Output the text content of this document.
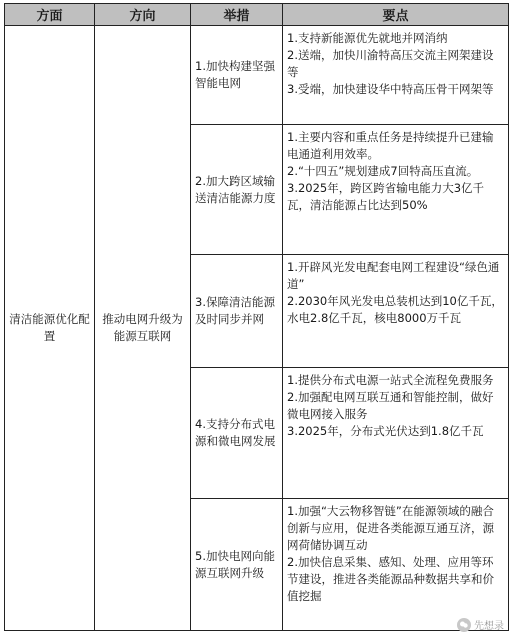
方面	方向	举措	要点
清洁能源优化配置	推动电网升级为能源互联网	1.加快构建坚强智能电网	1.支持新能源优先就地并网消纳
2.送端，加快川渝特高压交流主网架建设等
3.受端，加快建设华中特高压骨干网架等

		2.加大跨区域输送清洁能源力度	1.主要内容和重点任务是持续提升已建输电通道利用效率。
2.“十四五”规划建成7回特高压直流。
3.2025年，跨区跨省输电能力大3亿千瓦，清洁能源占比达到50%

		3.保障清洁能源及时同步并网	1.开辟风光发电配套电网工程建设“绿色通道”
2.2030年风光发电总装机达到10亿千瓦，水电2.8亿千瓦，核电8000万千瓦

		4.支持分布式电源和微电网发展	1.提供分布式电源一站式全流程免费服务
2.加强配电网互联互通和智能控制，做好微电网接入服务
3.2025年，分布式光伏达到1.8亿千瓦

		5.加快电网向能源互联网升级	1.加强“大云物移智链”在能源领域的融合创新与应用，促进各类能源互通互济，源网荷储协调互动
2.加快信息采集、感知、处理、应用等环节建设，推进各类能源品种数据共享和价值挖掘
先想录
